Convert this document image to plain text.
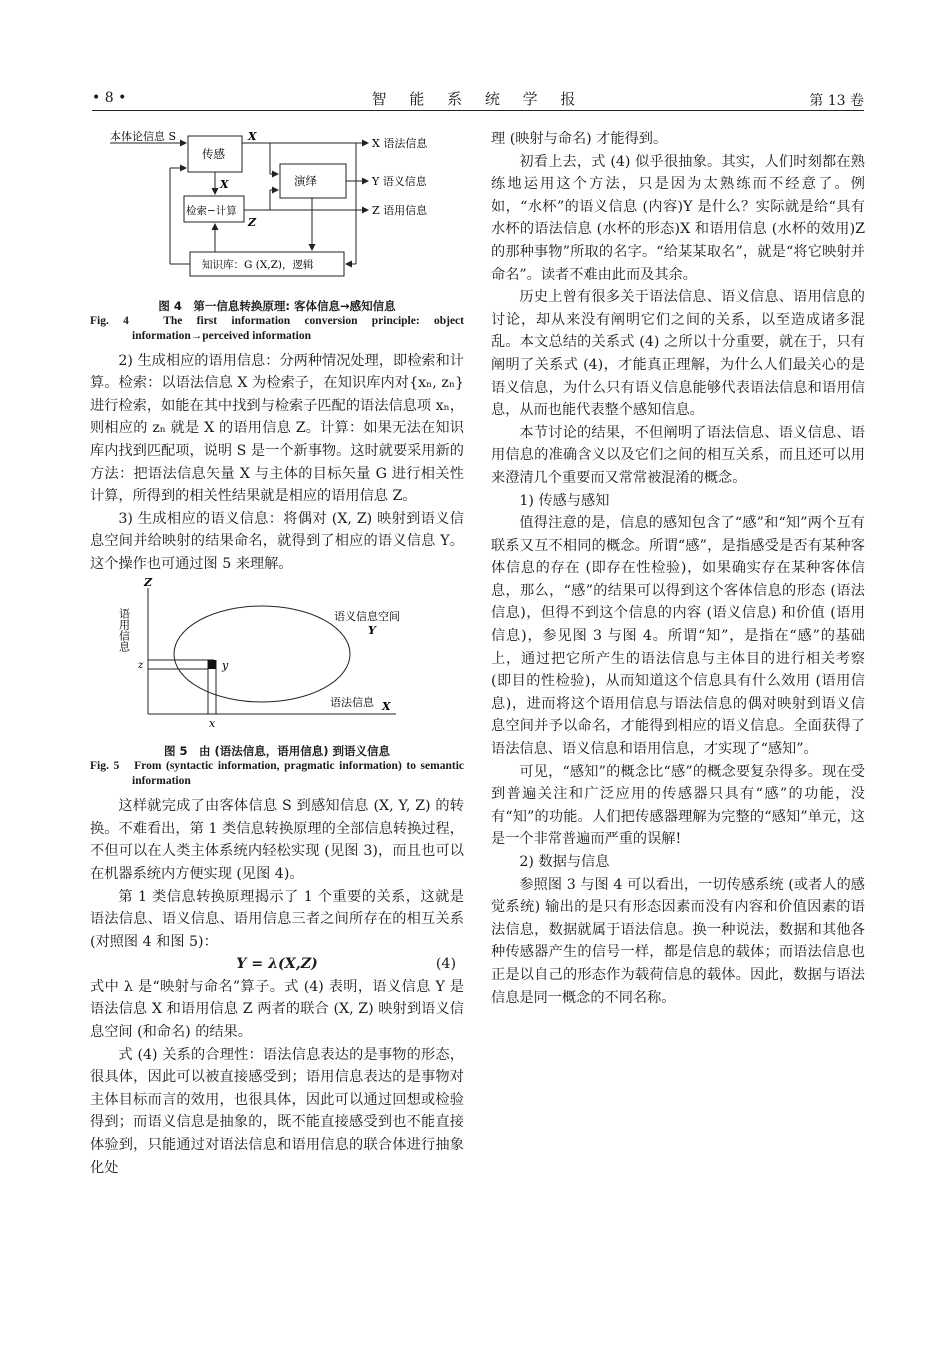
• 8 •	智 能 系 统 学 报	第 13 卷
本体论信息 S
传感
X
X	演绎
检索−计算
Z
X 语法信息
Y 语义信息
Z 语用信息
知识库：G (X,Z)，逻辑

图 4　第一信息转换原理: 客体信息→感知信息

Fig. 4　The first information conversion principle: object information→perceived information

2) 生成相应的语用信息：分两种情况处理，即检索和计算。检索：以语法信息 X 为检索子，在知识库内对{xₙ, zₙ}进行检索，如能在其中找到与检索子匹配的语法信息项 xₙ，则相应的 zₙ 就是 X 的语用信息 Z。计算：如果无法在知识库内找到匹配项，说明 S 是一个新事物。这时就要采用新的方法：把语法信息矢量 X 与主体的目标矢量 G 进行相关性计算，所得到的相关性结果就是相应的语用信息 Z。

3) 生成相应的语义信息：将偶对 (X, Z) 映射到语义信息空间并给映射的结果命名，就得到了相应的语义信息 Y。这个操作也可通过图 5 来理解。

Z
语用信息	语义信息空间
Y
y
z
x
语法信息 X

图 5　由 (语法信息，语用信息) 到语义信息

Fig. 5　From (syntactic information, pragmatic information) to semantic information

这样就完成了由客体信息 S 到感知信息 (X, Y, Z) 的转换。不难看出，第 1 类信息转换原理的全部信息转换过程，不但可以在人类主体系统内轻松实现 (见图 3)，而且也可以在机器系统内方便实现 (见图 4)。

第 1 类信息转换原理揭示了 1 个重要的关系，这就是语法信息、语义信息、语用信息三者之间所存在的相互关系 (对照图 4 和图 5)：

Y = λ(X,Z)	(4)

式中 λ 是“映射与命名”算子。式 (4) 表明，语义信息 Y 是语法信息 X 和语用信息 Z 两者的联合 (X, Z) 映射到语义信息空间 (和命名) 的结果。

式 (4) 关系的合理性：语法信息表达的是事物的形态，很具体，因此可以被直接感受到；语用信息表达的是事物对主体目标而言的效用，也很具体，因此可以通过回想或检验得到；而语义信息是抽象的，既不能直接感受到也不能直接体验到，只能通过对语法信息和语用信息的联合体进行抽象化处

理 (映射与命名) 才能得到。

初看上去，式 (4) 似乎很抽象。其实，人们时刻都在熟练地运用这个方法，只是因为太熟练而不经意了。例如，“水杯”的语义信息 (内容)Y 是什么？实际就是给“具有水杯的语法信息 (水杯的形态)X 和语用信息 (水杯的效用)Z 的那种事物”所取的名字。“给某某取名”，就是“将它映射并命名”。读者不难由此而及其余。

历史上曾有很多关于语法信息、语义信息、语用信息的讨论，却从来没有阐明它们之间的关系，以至造成诸多混乱。本文总结的关系式 (4) 之所以十分重要，就在于，只有阐明了关系式 (4)，才能真正理解，为什么人们最关心的是语义信息，为什么只有语义信息能够代表语法信息和语用信息，从而也能代表整个感知信息。

本节讨论的结果，不但阐明了语法信息、语义信息、语用信息的准确含义以及它们之间的相互关系，而且还可以用来澄清几个重要而又常常被混淆的概念。

1) 传感与感知

值得注意的是，信息的感知包含了“感”和“知”两个互有联系又互不相同的概念。所谓“感”，是指感受是否有某种客体信息的存在 (即存在性检验)，如果确实存在某种客体信息，那么，“感”的结果可以得到这个客体信息的形态 (语法信息)，但得不到这个信息的内容 (语义信息) 和价值 (语用信息)，参见图 3 与图 4。所谓“知”，是指在“感”的基础上，通过把它所产生的语法信息与主体目的进行相关考察 (即目的性检验)，从而知道这个信息具有什么效用 (语用信息)，进而将这个语用信息与语法信息的偶对映射到语义信息空间并予以命名，才能得到相应的语义信息。全面获得了语法信息、语义信息和语用信息，才实现了“感知”。

可见，“感知”的概念比“感”的概念要复杂得多。现在受到普遍关注和广泛应用的传感器只具有“感”的功能，没有“知”的功能。人们把传感器理解为完整的“感知”单元，这是一个非常普遍而严重的误解!

2) 数据与信息

参照图 3 与图 4 可以看出，一切传感系统 (或者人的感觉系统) 输出的是只有形态因素而没有内容和价值因素的语法信息，数据就属于语法信息。换一种说法，数据和其他各种传感器产生的信号一样，都是信息的载体；而语法信息也正是以自己的形态作为载荷信息的载体。因此，数据与语法信息是同一概念的不同名称。
